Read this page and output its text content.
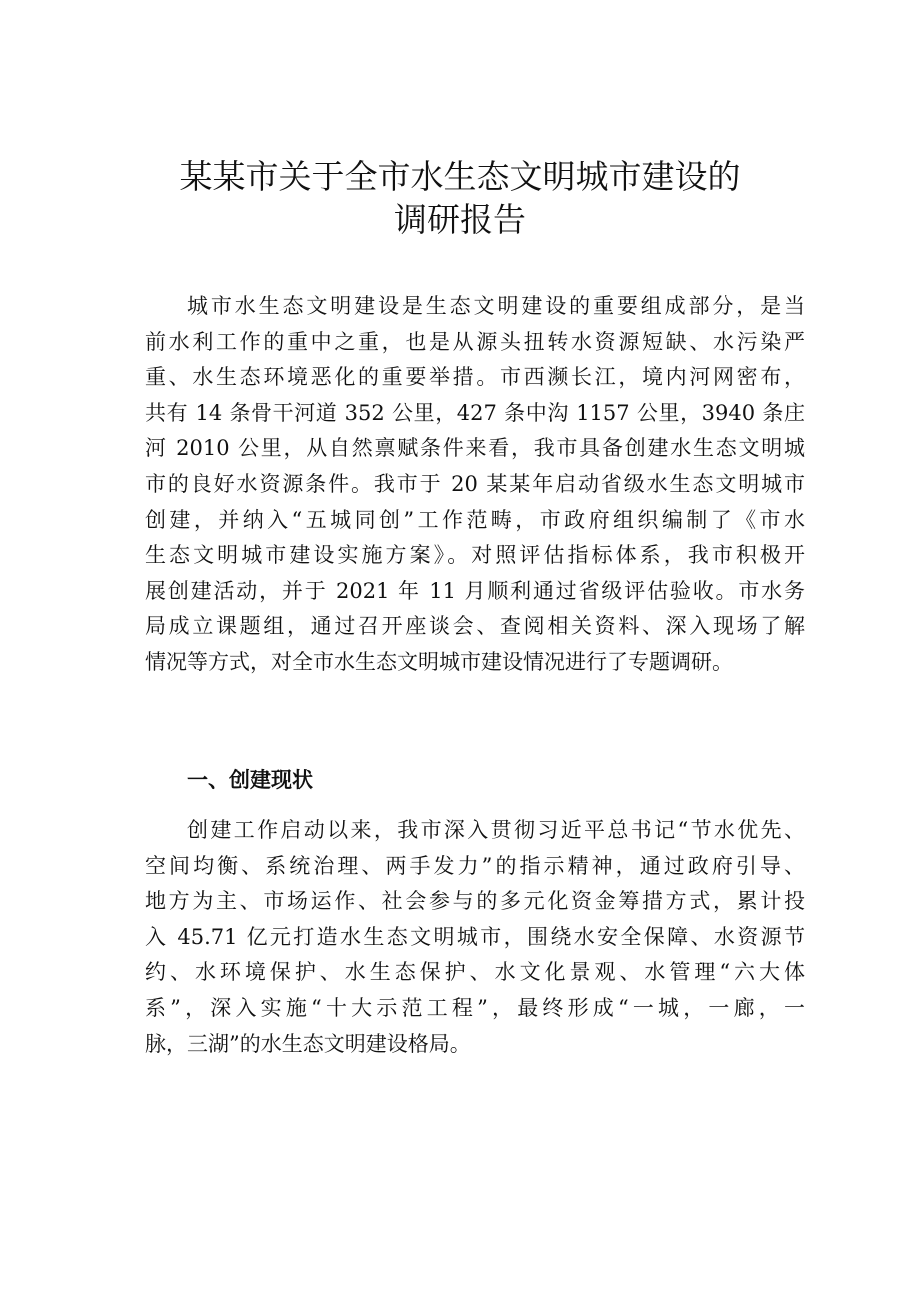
某某市关于全市水生态文明城市建设的
调研报告
城市水生态文明建设是生态文明建设的重要组成部分，是当
前水利工作的重中之重，也是从源头扭转水资源短缺、水污染严
重、水生态环境恶化的重要举措。市西濒长江，境内河网密布，
共有 14 条骨干河道 352 公里，427 条中沟 1157 公里，3940 条庄
河 2010 公里，从自然禀赋条件来看，我市具备创建水生态文明城
市的良好水资源条件。我市于 20 某某年启动省级水生态文明城市
创建，并纳入“五城同创”工作范畴，市政府组织编制了《市水
生态文明城市建设实施方案》。对照评估指标体系，我市积极开
展创建活动，并于 2021 年 11 月顺利通过省级评估验收。市水务
局成立课题组，通过召开座谈会、查阅相关资料、深入现场了解
情况等方式，对全市水生态文明城市建设情况进行了专题调研。
一、创建现状
创建工作启动以来，我市深入贯彻习近平总书记“节水优先、
空间均衡、系统治理、两手发力”的指示精神，通过政府引导、
地方为主、市场运作、社会参与的多元化资金筹措方式，累计投
入 45.71 亿元打造水生态文明城市，围绕水安全保障、水资源节
约、水环境保护、水生态保护、水文化景观、水管理“六大体
系”，深入实施“十大示范工程”，最终形成“一城，一廊，一
脉，三湖”的水生态文明建设格局。
